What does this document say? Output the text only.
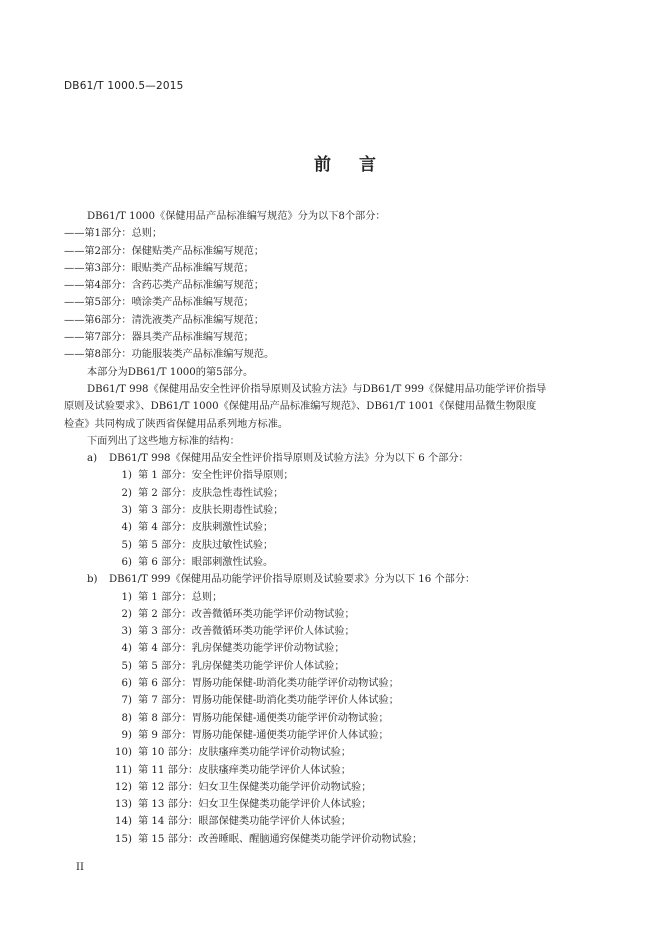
DB61/T 1000.5—2015
前言
DB61/T 1000《保健用品产品标准编写规范》分为以下8个部分：
——第1部分：总则；
——第2部分：保健贴类产品标准编写规范；
——第3部分：眼贴类产品标准编写规范；
——第4部分：含药芯类产品标准编写规范；
——第5部分：喷涂类产品标准编写规范；
——第6部分：清洗液类产品标准编写规范；
——第7部分：器具类产品标准编写规范；
——第8部分：功能服装类产品标准编写规范。
本部分为DB61/T 1000的第5部分。
DB61/T 998《保健用品安全性评价指导原则及试验方法》与DB61/T 999《保健用品功能学评价指导
原则及试验要求》、DB61/T 1000《保健用品产品标准编写规范》、DB61/T 1001《保健用品微生物限度
检查》共同构成了陕西省保健用品系列地方标准。
下面列出了这些地方标准的结构：
a)	DB61/T 998《保健用品安全性评价指导原则及试验方法》分为以下 6 个部分：
1) 第 1 部分：安全性评价指导原则；
2) 第 2 部分：皮肤急性毒性试验；
3) 第 3 部分：皮肤长期毒性试验；
4) 第 4 部分：皮肤刺激性试验；
5) 第 5 部分：皮肤过敏性试验；
6) 第 6 部分：眼部刺激性试验。
b)	DB61/T 999《保健用品功能学评价指导原则及试验要求》分为以下 16 个部分：
1) 第 1 部分：总则；
2) 第 2 部分：改善微循环类功能学评价动物试验；
3) 第 3 部分：改善微循环类功能学评价人体试验；
4) 第 4 部分：乳房保健类功能学评价动物试验；
5) 第 5 部分：乳房保健类功能学评价人体试验；
6) 第 6 部分：胃肠功能保健-助消化类功能学评价动物试验；
7) 第 7 部分：胃肠功能保健-助消化类功能学评价人体试验；
8) 第 8 部分：胃肠功能保健-通便类功能学评价动物试验；
9) 第 9 部分：胃肠功能保健-通便类功能学评价人体试验；
10) 第 10 部分：皮肤瘙痒类功能学评价动物试验；
11) 第 11 部分：皮肤瘙痒类功能学评价人体试验；
12) 第 12 部分：妇女卫生保健类功能学评价动物试验；
13) 第 13 部分：妇女卫生保健类功能学评价人体试验；
14) 第 14 部分：眼部保健类功能学评价人体试验；
15) 第 15 部分：改善睡眠、醒脑通窍保健类功能学评价动物试验；
II
